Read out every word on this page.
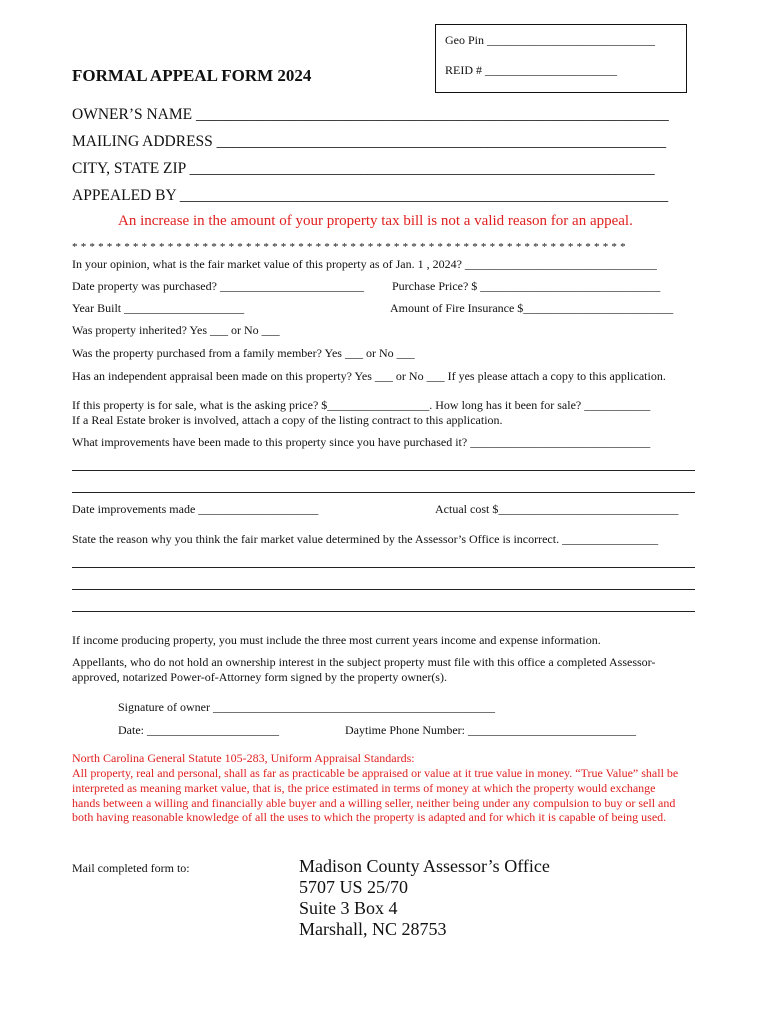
Geo Pin ____________________________
REID # ______________________
FORMAL APPEAL FORM 2024
OWNER’S NAME _____________________________________________________________
MAILING ADDRESS __________________________________________________________
CITY, STATE ZIP ____________________________________________________________
APPEALED BY _______________________________________________________________
An increase in the amount of your property tax bill is not a valid reason for an appeal.
****************************************************************
In your opinion, what is the fair market value of this property as of Jan. 1 , 2024? ________________________________
Date property was purchased? ________________________ Purchase Price? $ ______________________________
Year Built ____________________	Amount of Fire Insurance $_________________________
Was property inherited? Yes ___ or No ___
Was the property purchased from a family member? Yes ___ or No ___
Has an independent appraisal been made on this property? Yes ___ or No ___ If yes please attach a copy to this application.
If this property is for sale, what is the asking price? $_________________. How long has it been for sale? ___________
If a Real Estate broker is involved, attach a copy of the listing contract to this application.
What improvements have been made to this property since you have purchased it? ______________________________
Date improvements made ____________________	Actual cost $______________________________
State the reason why you think the fair market value determined by the Assessor’s Office is incorrect. ________________
If income producing property, you must include the three most current years income and expense information.
Appellants, who do not hold an ownership interest in the subject property must file with this office a completed Assessor-approved, notarized Power-of-Attorney form signed by the property owner(s).
Signature of owner _______________________________________________
Date: ______________________	Daytime Phone Number: ____________________________
North Carolina General Statute 105-283, Uniform Appraisal Standards:
All property, real and personal, shall as far as practicable be appraised or value at it true value in money. “True Value” shall be interpreted as meaning market value, that is, the price estimated in terms of money at which the property would exchange hands between a willing and financially able buyer and a willing seller, neither being under any compulsion to buy or sell and both having reasonable knowledge of all the uses to which the property is adapted and for which it is capable of being used.
Mail completed form to:	Madison County Assessor’s Office
5707 US 25/70
Suite 3 Box 4
Marshall, NC 28753
